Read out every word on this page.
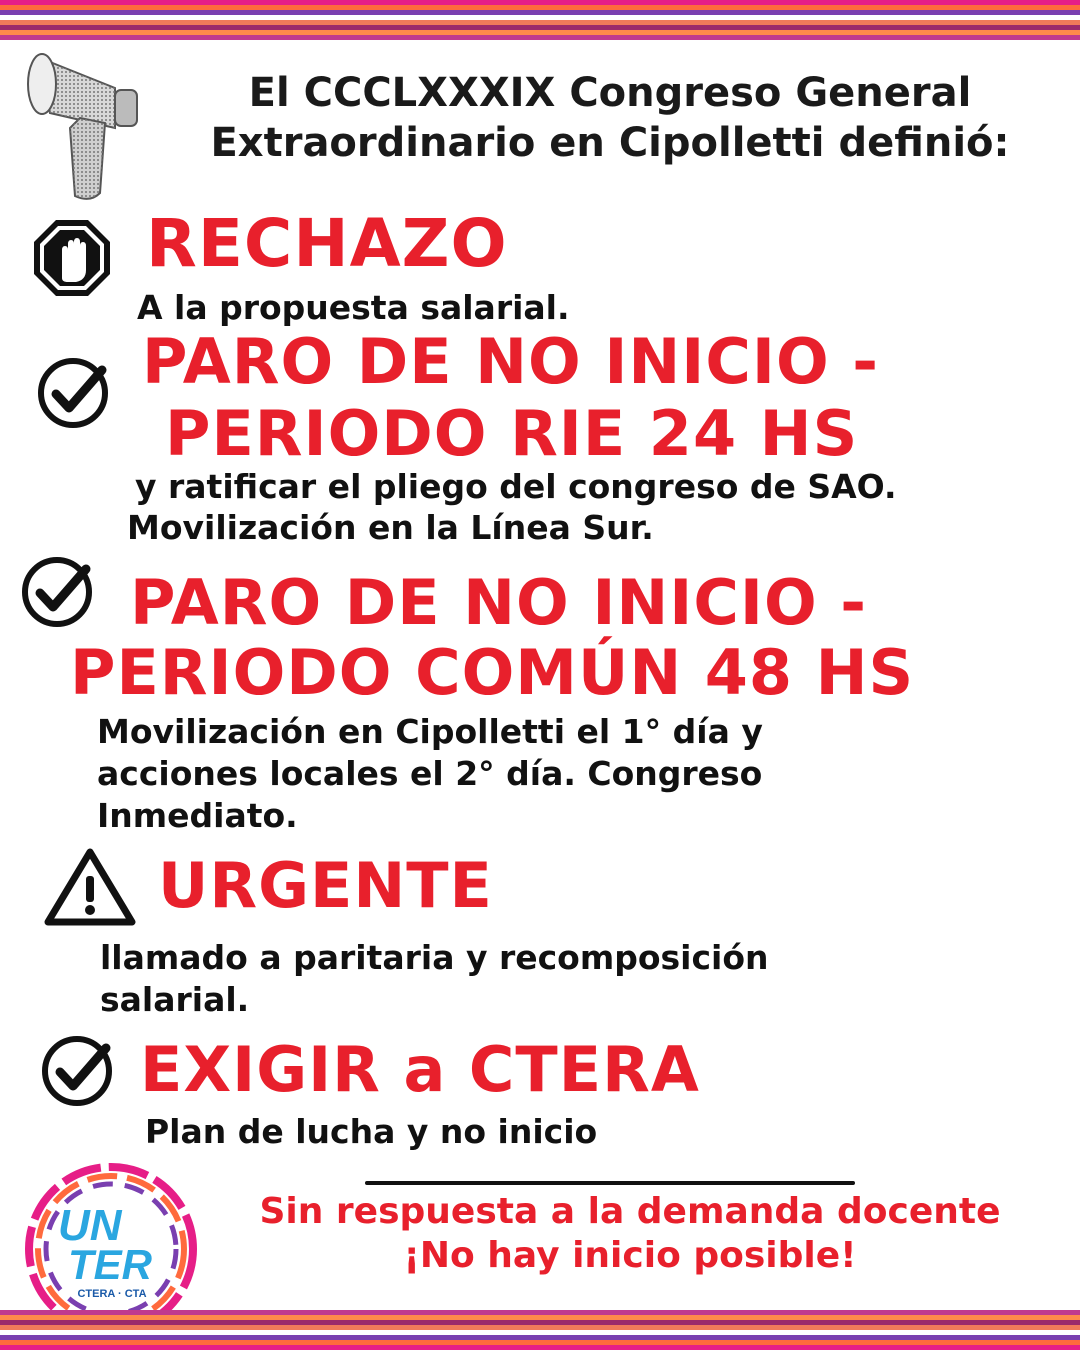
El CCCLXXXIX Congreso General
Extraordinario en Cipolletti definió:
RECHAZO
A la propuesta salarial.
PARO DE NO INICIO -
PERIODO RIE 24 HS
y ratificar el pliego del congreso de SAO.
Movilización en la Línea Sur.
PARO DE NO INICIO -
PERIODO COMÚN 48 HS
Movilización en Cipolletti el 1° día y
acciones locales el 2° día. Congreso
Inmediato.
URGENTE
llamado a paritaria y recomposición
salarial.
EXIGIR a CTERA
Plan de lucha y no inicio
Sin respuesta a la demanda docente
¡No hay inicio posible!
UN
TER
CTERA · CTA
